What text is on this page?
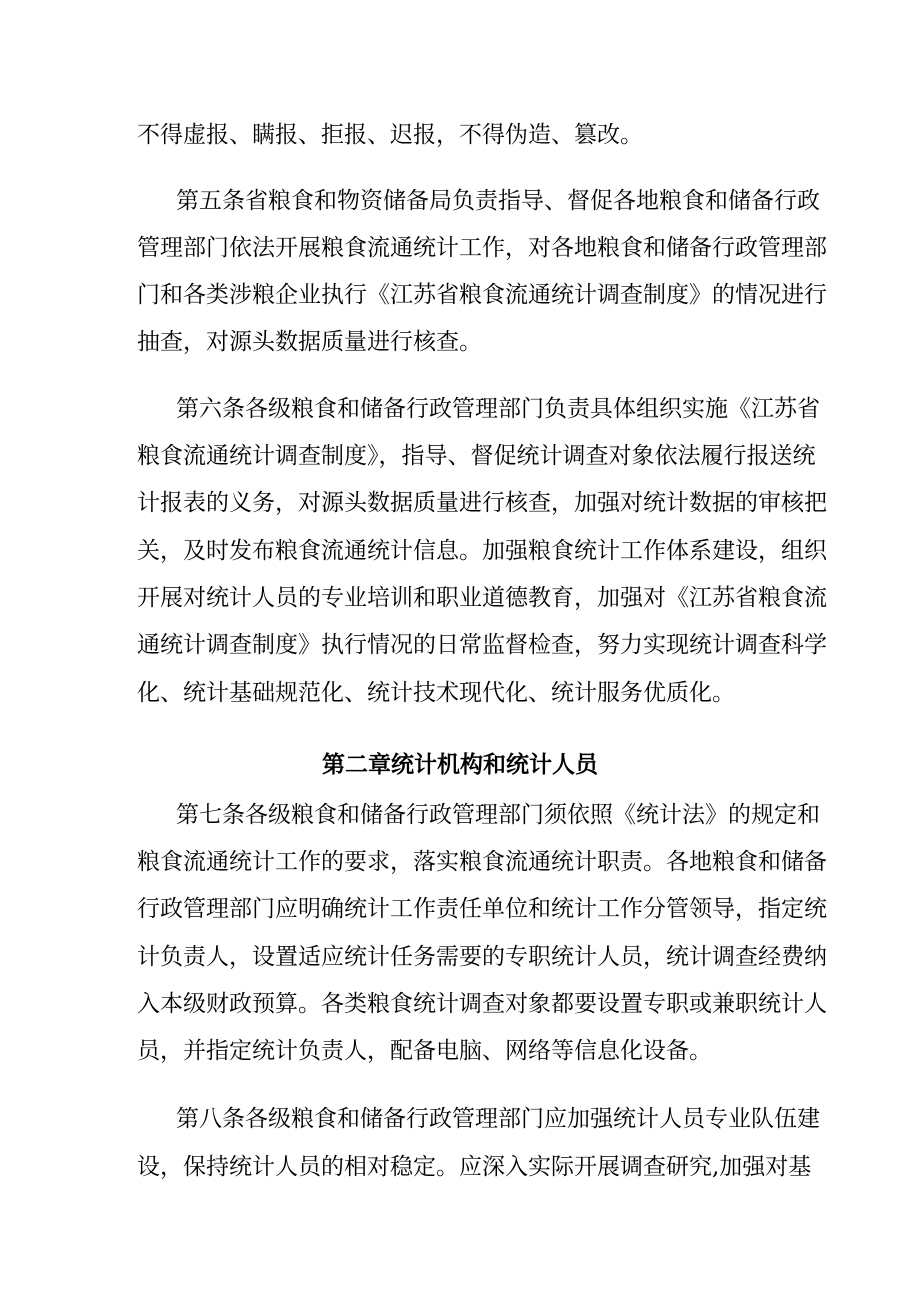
不得虚报、瞒报、拒报、迟报，不得伪造、篡改。
第五条省粮食和物资储备局负责指导、督促各地粮食和储备行政
管理部门依法开展粮食流通统计工作，对各地粮食和储备行政管理部
门和各类涉粮企业执行《江苏省粮食流通统计调查制度》的情况进行
抽查，对源头数据质量进行核查。
第六条各级粮食和储备行政管理部门负责具体组织实施《江苏省
粮食流通统计调查制度》，指导、督促统计调查对象依法履行报送统
计报表的义务，对源头数据质量进行核查，加强对统计数据的审核把
关，及时发布粮食流通统计信息。加强粮食统计工作体系建设，组织
开展对统计人员的专业培训和职业道德教育，加强对《江苏省粮食流
通统计调查制度》执行情况的日常监督检查，努力实现统计调查科学
化、统计基础规范化、统计技术现代化、统计服务优质化。
第二章统计机构和统计人员
第七条各级粮食和储备行政管理部门须依照《统计法》的规定和
粮食流通统计工作的要求，落实粮食流通统计职责。各地粮食和储备
行政管理部门应明确统计工作责任单位和统计工作分管领导，指定统
计负责人，设置适应统计任务需要的专职统计人员，统计调查经费纳
入本级财政预算。各类粮食统计调查对象都要设置专职或兼职统计人
员，并指定统计负责人，配备电脑、网络等信息化设备。
第八条各级粮食和储备行政管理部门应加强统计人员专业队伍建
设，保持统计人员的相对稳定。应深入实际开展调查研究,加强对基
